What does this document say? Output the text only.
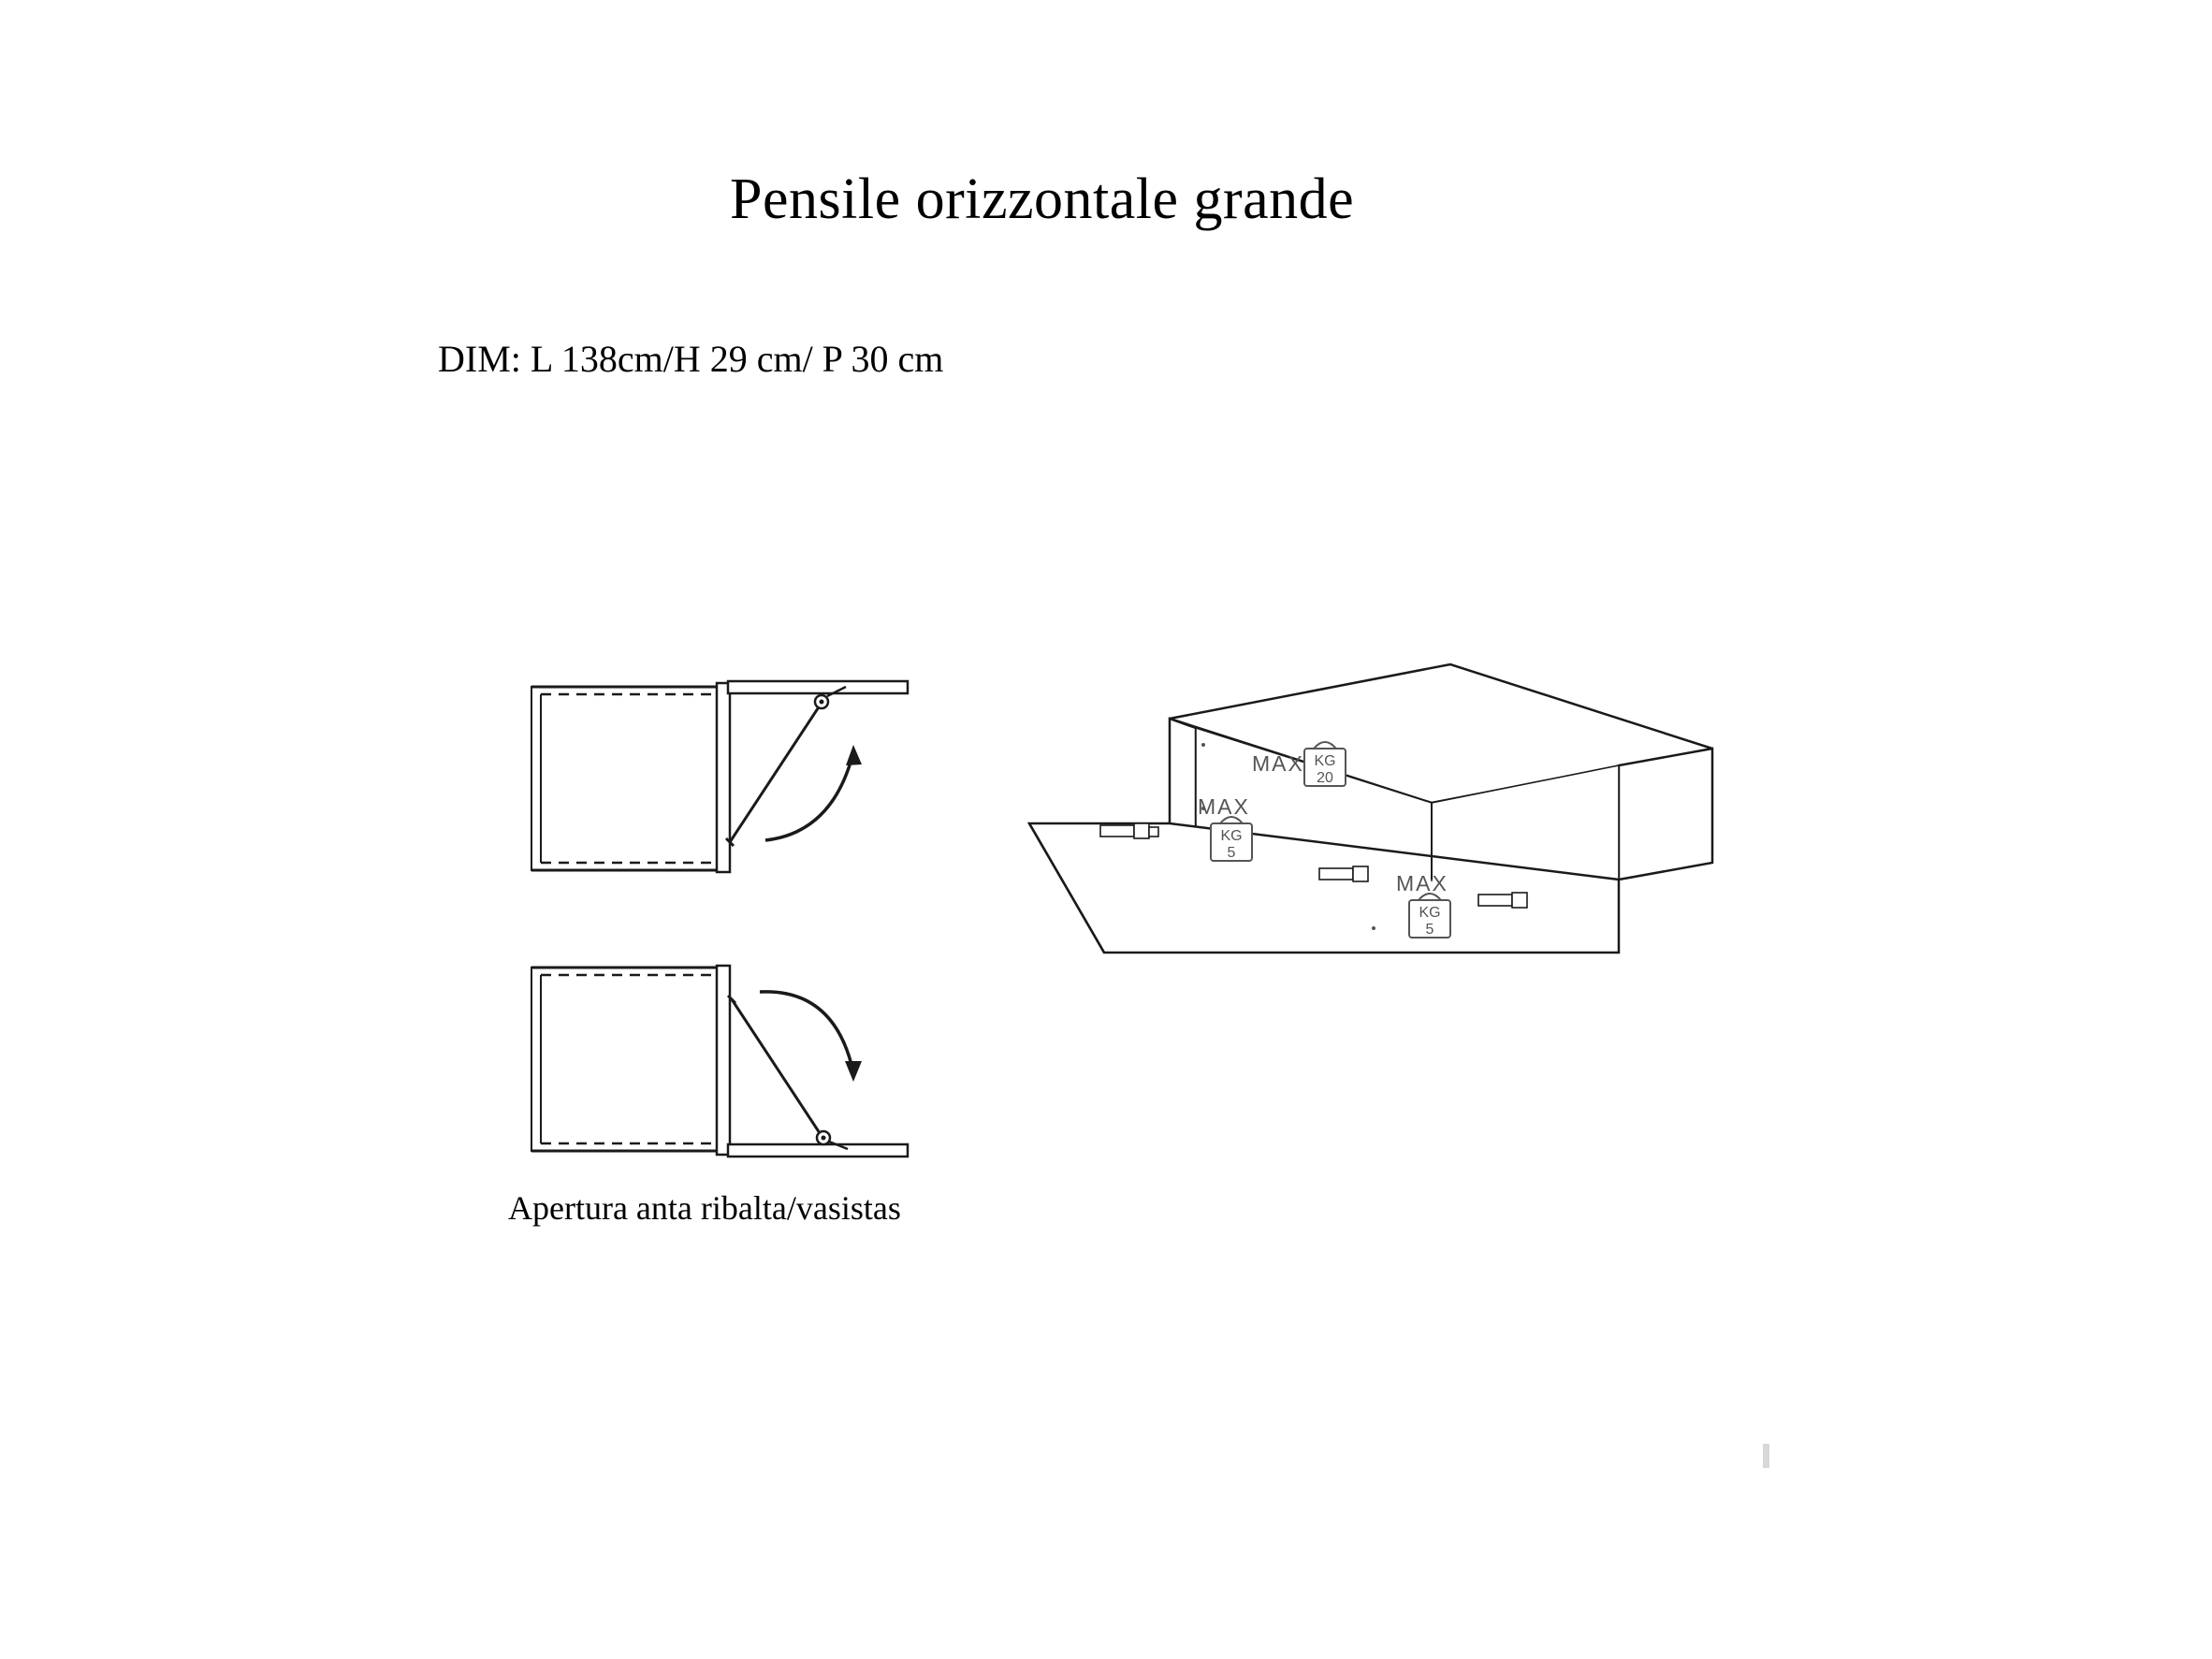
Pensile orizzontale grande
DIM: L 138cm/H 29 cm/ P 30 cm
MAX KG
20
MAX
KG
5
MAX
KG
5
Apertura anta ribalta/vasistas
